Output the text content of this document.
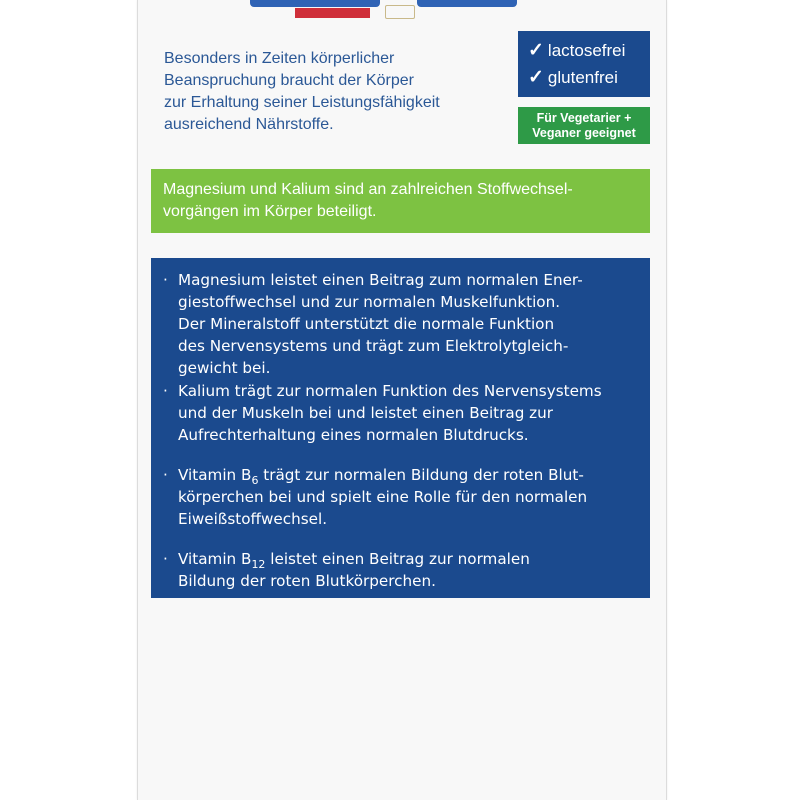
Besonders in Zeiten körperlicher
Beanspruchung braucht der Körper
zur Erhaltung seiner Leistungsfähigkeit
ausreichend Nährstoffe.
✓ lactosefrei
✓ glutenfrei
Für Vegetarier +
Veganer geeignet
Magnesium und Kalium sind an zahlreichen Stoffwechsel-
vorgängen im Körper beteiligt.
· Magnesium leistet einen Beitrag zum normalen Ener-
giestoffwechsel und zur normalen Muskelfunktion.
Der Mineralstoff unterstützt die normale Funktion
des Nervensystems und trägt zum Elektrolytgleich-
gewicht bei.
· Kalium trägt zur normalen Funktion des Nervensystems
und der Muskeln bei und leistet einen Beitrag zur
Aufrechterhaltung eines normalen Blutdrucks.
· Vitamin $B_6$ trägt zur normalen Bildung der roten Blut-
körperchen bei und spielt eine Rolle für den normalen
Eiweißstoffwechsel.
· Vitamin $B_{12}$ leistet einen Beitrag zur normalen
Bildung der roten Blutkörperchen.
